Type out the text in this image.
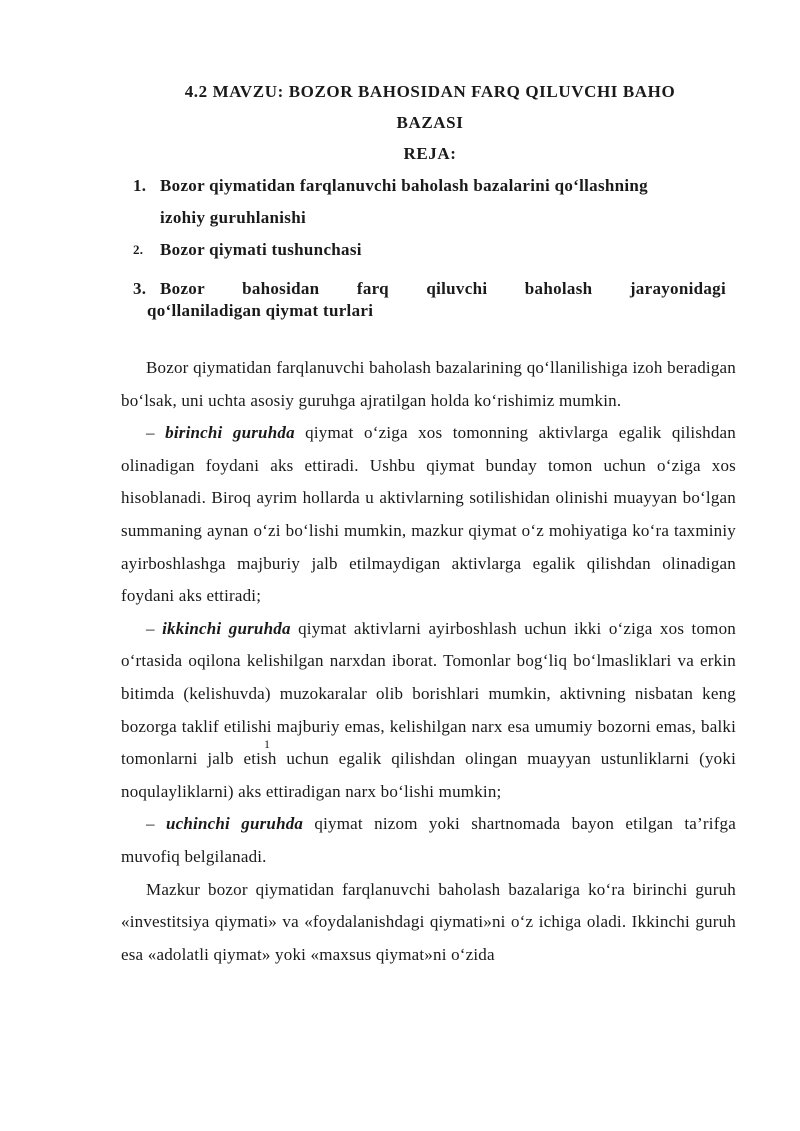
4.2 MAVZU: BOZOR BAHOSIDAN FARQ QILUVCHI BAHO
BAZASI
REJA:
1. Bozor qiymatidan farqlanuvchi baholash bazalarini qo‘llashning
izohiy guruhlanishi
2. Bozor qiymati tushunchasi
3. Bozor bahosidan farq qiluvchi baholash jarayonidagi
qo‘llaniladigan qiymat turlari

Bozor qiymatidan farqlanuvchi baholash bazalarining qo‘llanilishiga izoh beradigan bo‘lsak, uni uchta asosiy guruhga ajratilgan holda ko‘rishimiz mumkin.

– birinchi guruhda qiymat o‘ziga xos tomonning aktivlarga egalik qilishdan olinadigan foydani aks ettiradi. Ushbu qiymat bunday tomon uchun o‘ziga xos hisoblanadi. Biroq ayrim hollarda u aktivlarning sotilishidan olinishi muayyan bo‘lgan summaning aynan o‘zi bo‘lishi mumkin, mazkur qiymat o‘z mohiyatiga ko‘ra taxminiy ayirboshlashga majburiy jalb etilmaydigan aktivlarga egalik qilishdan olinadigan foydani aks ettiradi;

– ikkinchi guruhda qiymat aktivlarni ayirboshlash uchun ikki o‘ziga xos tomon o‘rtasida oqilona kelishilgan narxdan iborat. Tomonlar bog‘liq bo‘lmasliklari va erkin bitimda (kelishuvda) muzokaralar olib borishlari mumkin, aktivning nisbatan keng bozorga taklif etilishi majburiy emas, kelishilgan narx esa umumiy bozorni emas, balki tomonlarni jalb etish uchun egalik qilishdan olingan muayyan ustunliklarni (yoki noqulayliklarni) aks ettiradigan narx bo‘lishi mumkin;

– uchinchi guruhda qiymat nizom yoki shartnomada bayon etilgan ta’rifga muvofiq belgilanadi.

Mazkur bozor qiymatidan farqlanuvchi baholash bazalariga ko‘ra birinchi guruh «investitsiya qiymati» va «foydalanishdagi qiymati»ni o‘z ichiga oladi. Ikkinchi guruh esa «adolatli qiymat» yoki «maxsus qiymat»ni o‘zida

1
